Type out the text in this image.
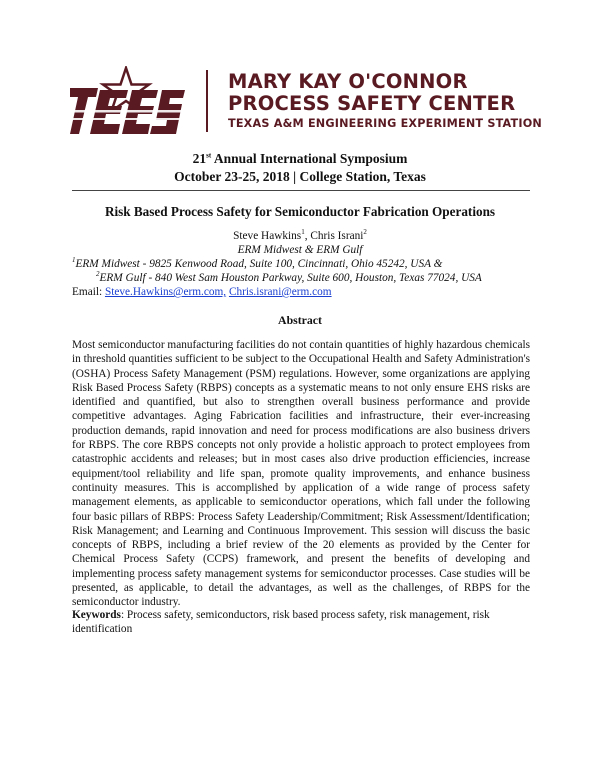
TEES
MARY KAY O'CONNOR
PROCESS SAFETY CENTER
TEXAS A&M ENGINEERING EXPERIMENT STATION
21st Annual International Symposium
October 23-25, 2018 | College Station, Texas
Risk Based Process Safety for Semiconductor Fabrication Operations
Steve Hawkins$^1$, Chris Israni$^2$
ERM Midwest & ERM Gulf
$^1$ERM Midwest - 9825 Kenwood Road, Suite 100, Cincinnati, Ohio 45242, USA &
$^2$ERM Gulf - 840 West Sam Houston Parkway, Suite 600, Houston, Texas 77024, USA
Email: Steve.Hawkins@erm.com, Chris.israni@erm.com
Abstract

Most semiconductor manufacturing facilities do not contain quantities of highly hazardous chemicals in threshold quantities sufficient to be subject to the Occupational Health and Safety Administration's (OSHA) Process Safety Management (PSM) regulations. However, some organizations are applying Risk Based Process Safety (RBPS) concepts as a systematic means to not only ensure EHS risks are identified and quantified, but also to strengthen overall business performance and provide competitive advantages. Aging Fabrication facilities and infrastructure, their ever-increasing production demands, rapid innovation and need for process modifications are also business drivers for RBPS. The core RBPS concepts not only provide a holistic approach to protect employees from catastrophic accidents and releases; but in most cases also drive production efficiencies, increase equipment/tool reliability and life span, promote quality improvements, and enhance business continuity measures. This is accomplished by application of a wide range of process safety management elements, as applicable to semiconductor operations, which fall under the following four basic pillars of RBPS: Process Safety Leadership/Commitment; Risk Assessment/Identification; Risk Management; and Learning and Continuous Improvement. This session will discuss the basic concepts of RBPS, including a brief review of the 20 elements as provided by the Center for Chemical Process Safety (CCPS) framework, and present the benefits of developing and implementing process safety management systems for semiconductor processes. Case studies will be presented, as applicable, to detail the advantages, as well as the challenges, of RBPS for the semiconductor industry.

Keywords: Process safety, semiconductors, risk based process safety, risk management, risk identification
